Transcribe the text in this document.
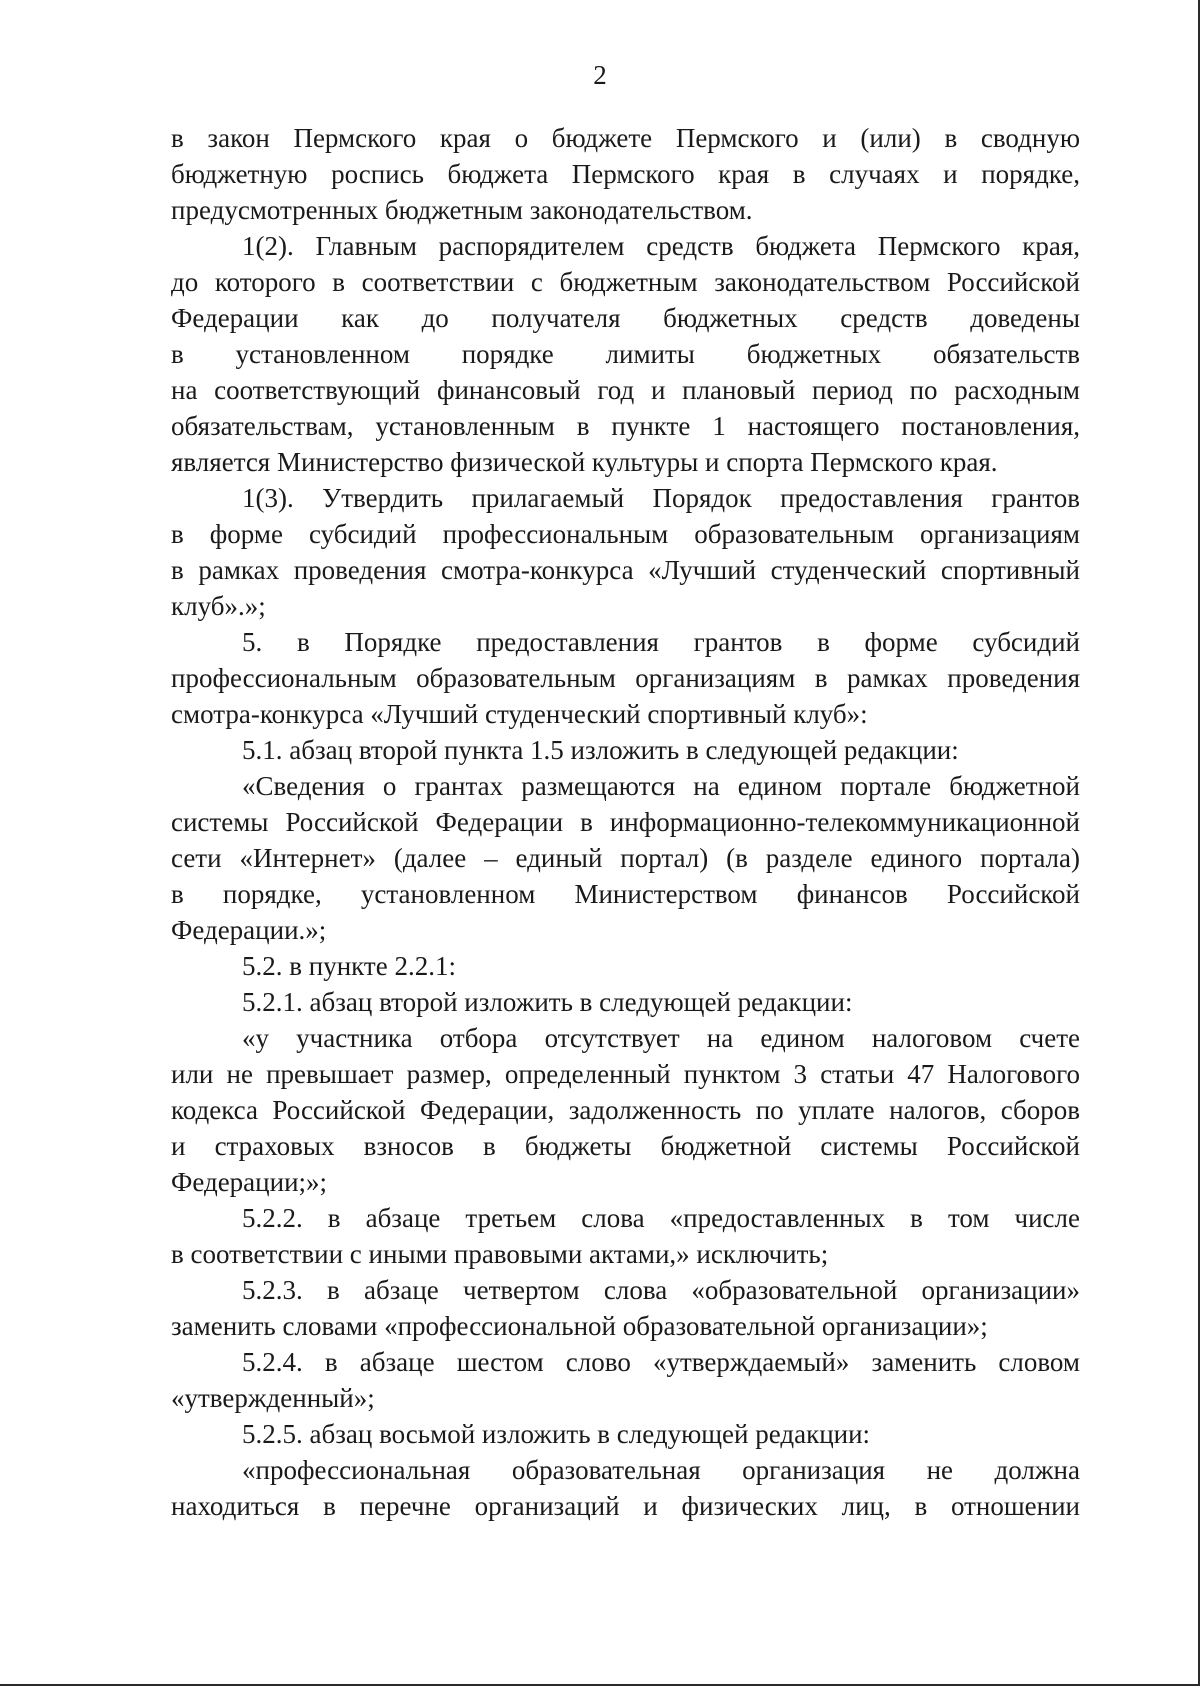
2

в закон Пермского края о бюджете Пермского и (или) в сводную

бюджетную роспись бюджета Пермского края в случаях и порядке,

предусмотренных бюджетным законодательством.

1(2). Главным распорядителем средств бюджета Пермского края,

до которого в соответствии с бюджетным законодательством Российской

Федерации как до получателя бюджетных средств доведены

в установленном порядке лимиты бюджетных обязательств

на соответствующий финансовый год и плановый период по расходным

обязательствам, установленным в пункте 1 настоящего постановления,

является Министерство физической культуры и спорта Пермского края.

1(3). Утвердить прилагаемый Порядок предоставления грантов

в форме субсидий профессиональным образовательным организациям

в рамках проведения смотра-конкурса «Лучший студенческий спортивный

клуб».»;

5. в Порядке предоставления грантов в форме субсидий

профессиональным образовательным организациям в рамках проведения

смотра-конкурса «Лучший студенческий спортивный клуб»:

5.1. абзац второй пункта 1.5 изложить в следующей редакции:

«Сведения о грантах размещаются на едином портале бюджетной

системы Российской Федерации в информационно-телекоммуникационной

сети «Интернет» (далее – единый портал) (в разделе единого портала)

в порядке, установленном Министерством финансов Российской

Федерации.»;

5.2. в пункте 2.2.1:

5.2.1. абзац второй изложить в следующей редакции:

«у участника отбора отсутствует на едином налоговом счете

или не превышает размер, определенный пунктом 3 статьи 47 Налогового

кодекса Российской Федерации, задолженность по уплате налогов, сборов

и страховых взносов в бюджеты бюджетной системы Российской

Федерации;»;

5.2.2. в абзаце третьем слова «предоставленных в том числе

в соответствии с иными правовыми актами,» исключить;

5.2.3. в абзаце четвертом слова «образовательной организации»

заменить словами «профессиональной образовательной организации»;

5.2.4. в абзаце шестом слово «утверждаемый» заменить словом

«утвержденный»;

5.2.5. абзац восьмой изложить в следующей редакции:

«профессиональная образовательная организация не должна

находиться в перечне организаций и физических лиц, в отношении
